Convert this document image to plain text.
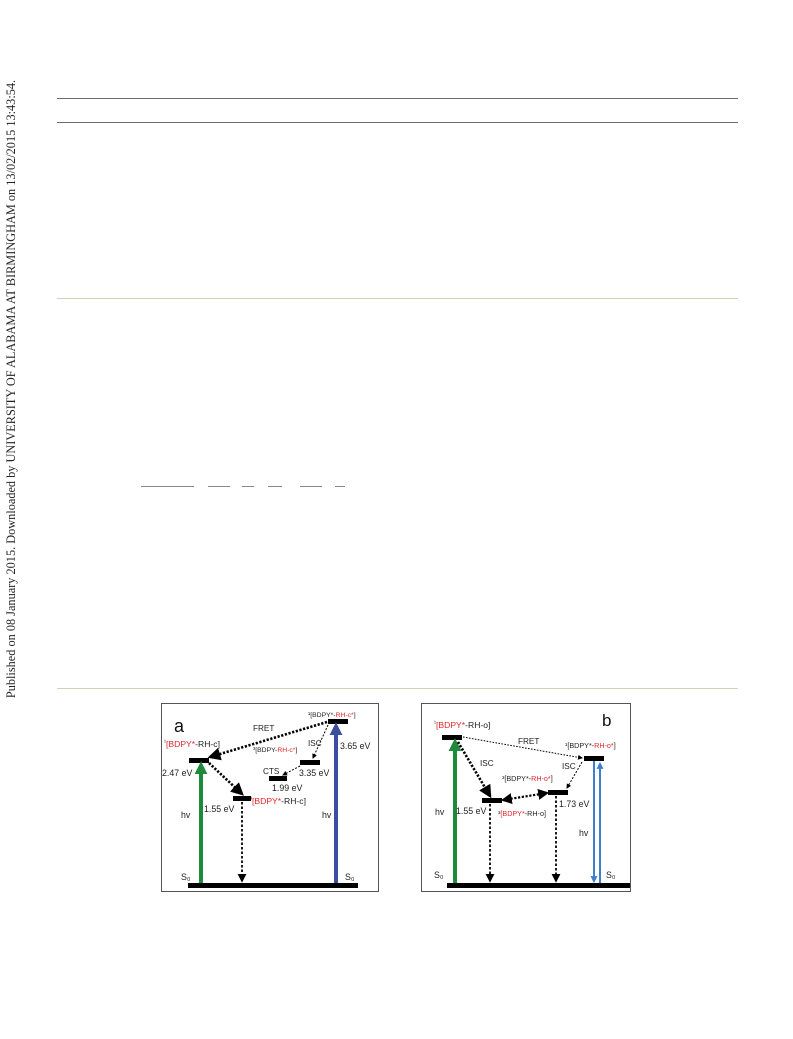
Published on 08 January 2015. Downloaded by UNIVERSITY OF ALABAMA AT BIRMINGHAM on 13/02/2015 13:43:54.
a	FRET
ISC
¹[BDPY*-RH-c*]
$^{^1}$[BDPY*-RH-c]
³[BDPY-RH-c*]
$^{^3}$[BDPY*-RH-c]
CTS
3.65 eV
3.35 eV
1.99 eV
2.47 eV
1.55 eV
hv	hv
S₀	S₀
b
FRET
ISC	ISC
$^{^1}$[BDPY*-RH-o]
¹[BDPY*-RH-o*]
³[BDPY*-RH-o*]
³[BDPY*-RH-o]
1.55 eV
1.73 eV
hv
hv
S₀	S₀
